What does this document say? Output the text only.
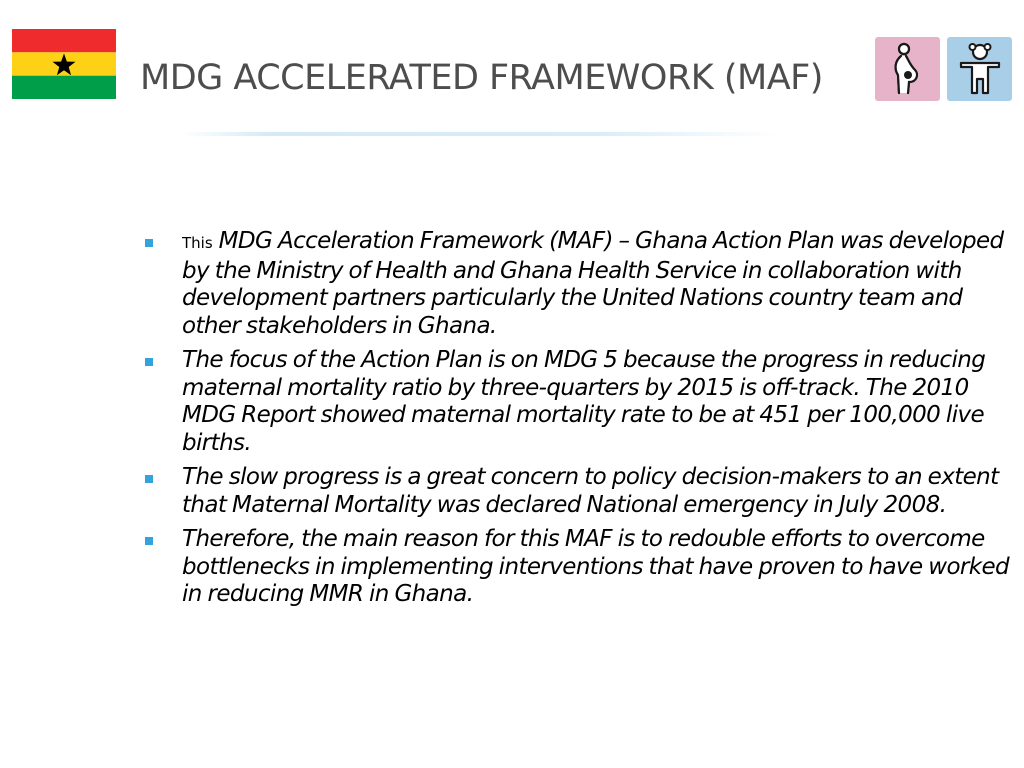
MDG ACCELERATED FRAMEWORK (MAF)
This MDG Acceleration Framework (MAF) – Ghana Action Plan was developed by the Ministry of Health and Ghana Health Service in collaboration with development partners particularly the United Nations country team and other stakeholders in Ghana.
The focus of the Action Plan is on MDG 5 because the progress in reducing maternal mortality ratio by three-quarters by 2015 is off-track. The 2010 MDG Report showed maternal mortality rate to be at 451 per 100,000 live births.
The slow progress is a great concern to policy decision-makers to an extent that Maternal Mortality was declared National emergency in July 2008.
Therefore, the main reason for this MAF is to redouble efforts to overcome bottlenecks in implementing interventions that have proven to have worked in reducing MMR in Ghana.
